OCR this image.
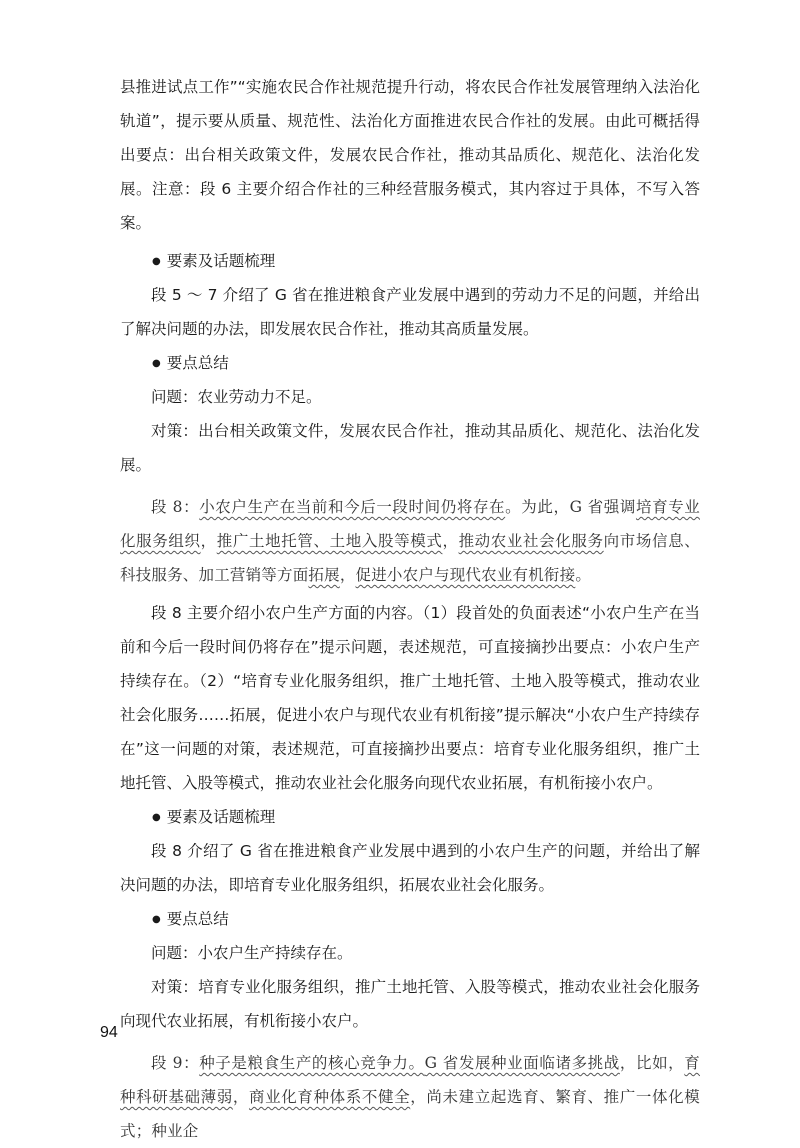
县推进试点工作”“实施农民合作社规范提升行动，将农民合作社发展管理纳入法治化轨道”，提示要从质量、规范性、法治化方面推进农民合作社的发展。由此可概括得出要点：出台相关政策文件，发展农民合作社，推动其品质化、规范化、法治化发展。注意：段 6 主要介绍合作社的三种经营服务模式，其内容过于具体，不写入答案。

● 要素及话题梳理

段 5 ～ 7 介绍了 G 省在推进粮食产业发展中遇到的劳动力不足的问题，并给出了解决问题的办法，即发展农民合作社，推动其高质量发展。

● 要点总结

问题：农业劳动力不足。

对策：出台相关政策文件，发展农民合作社，推动其品质化、规范化、法治化发展。

段 8：小农户生产在当前和今后一段时间仍将存在。为此，G 省强调培育专业化服务组织，推广土地托管、土地入股等模式，推动农业社会化服务向市场信息、科技服务、加工营销等方面拓展，促进小农户与现代农业有机衔接。

段 8 主要介绍小农户生产方面的内容。（1）段首处的负面表述“小农户生产在当前和今后一段时间仍将存在”提示问题，表述规范，可直接摘抄出要点：小农户生产持续存在。（2）“培育专业化服务组织，推广土地托管、土地入股等模式，推动农业社会化服务……拓展，促进小农户与现代农业有机衔接”提示解决“小农户生产持续存在”这一问题的对策，表述规范，可直接摘抄出要点：培育专业化服务组织，推广土地托管、入股等模式，推动农业社会化服务向现代农业拓展，有机衔接小农户。

● 要素及话题梳理

段 8 介绍了 G 省在推进粮食产业发展中遇到的小农户生产的问题，并给出了解决问题的办法，即培育专业化服务组织，拓展农业社会化服务。

● 要点总结

问题：小农户生产持续存在。

对策：培育专业化服务组织，推广土地托管、入股等模式，推动农业社会化服务向现代农业拓展，有机衔接小农户。

段 9：种子是粮食生产的核心竞争力。G 省发展种业面临诸多挑战，比如，育种科研基础薄弱，商业化育种体系不健全，尚未建立起选育、繁育、推广一体化模式；种业企

94
